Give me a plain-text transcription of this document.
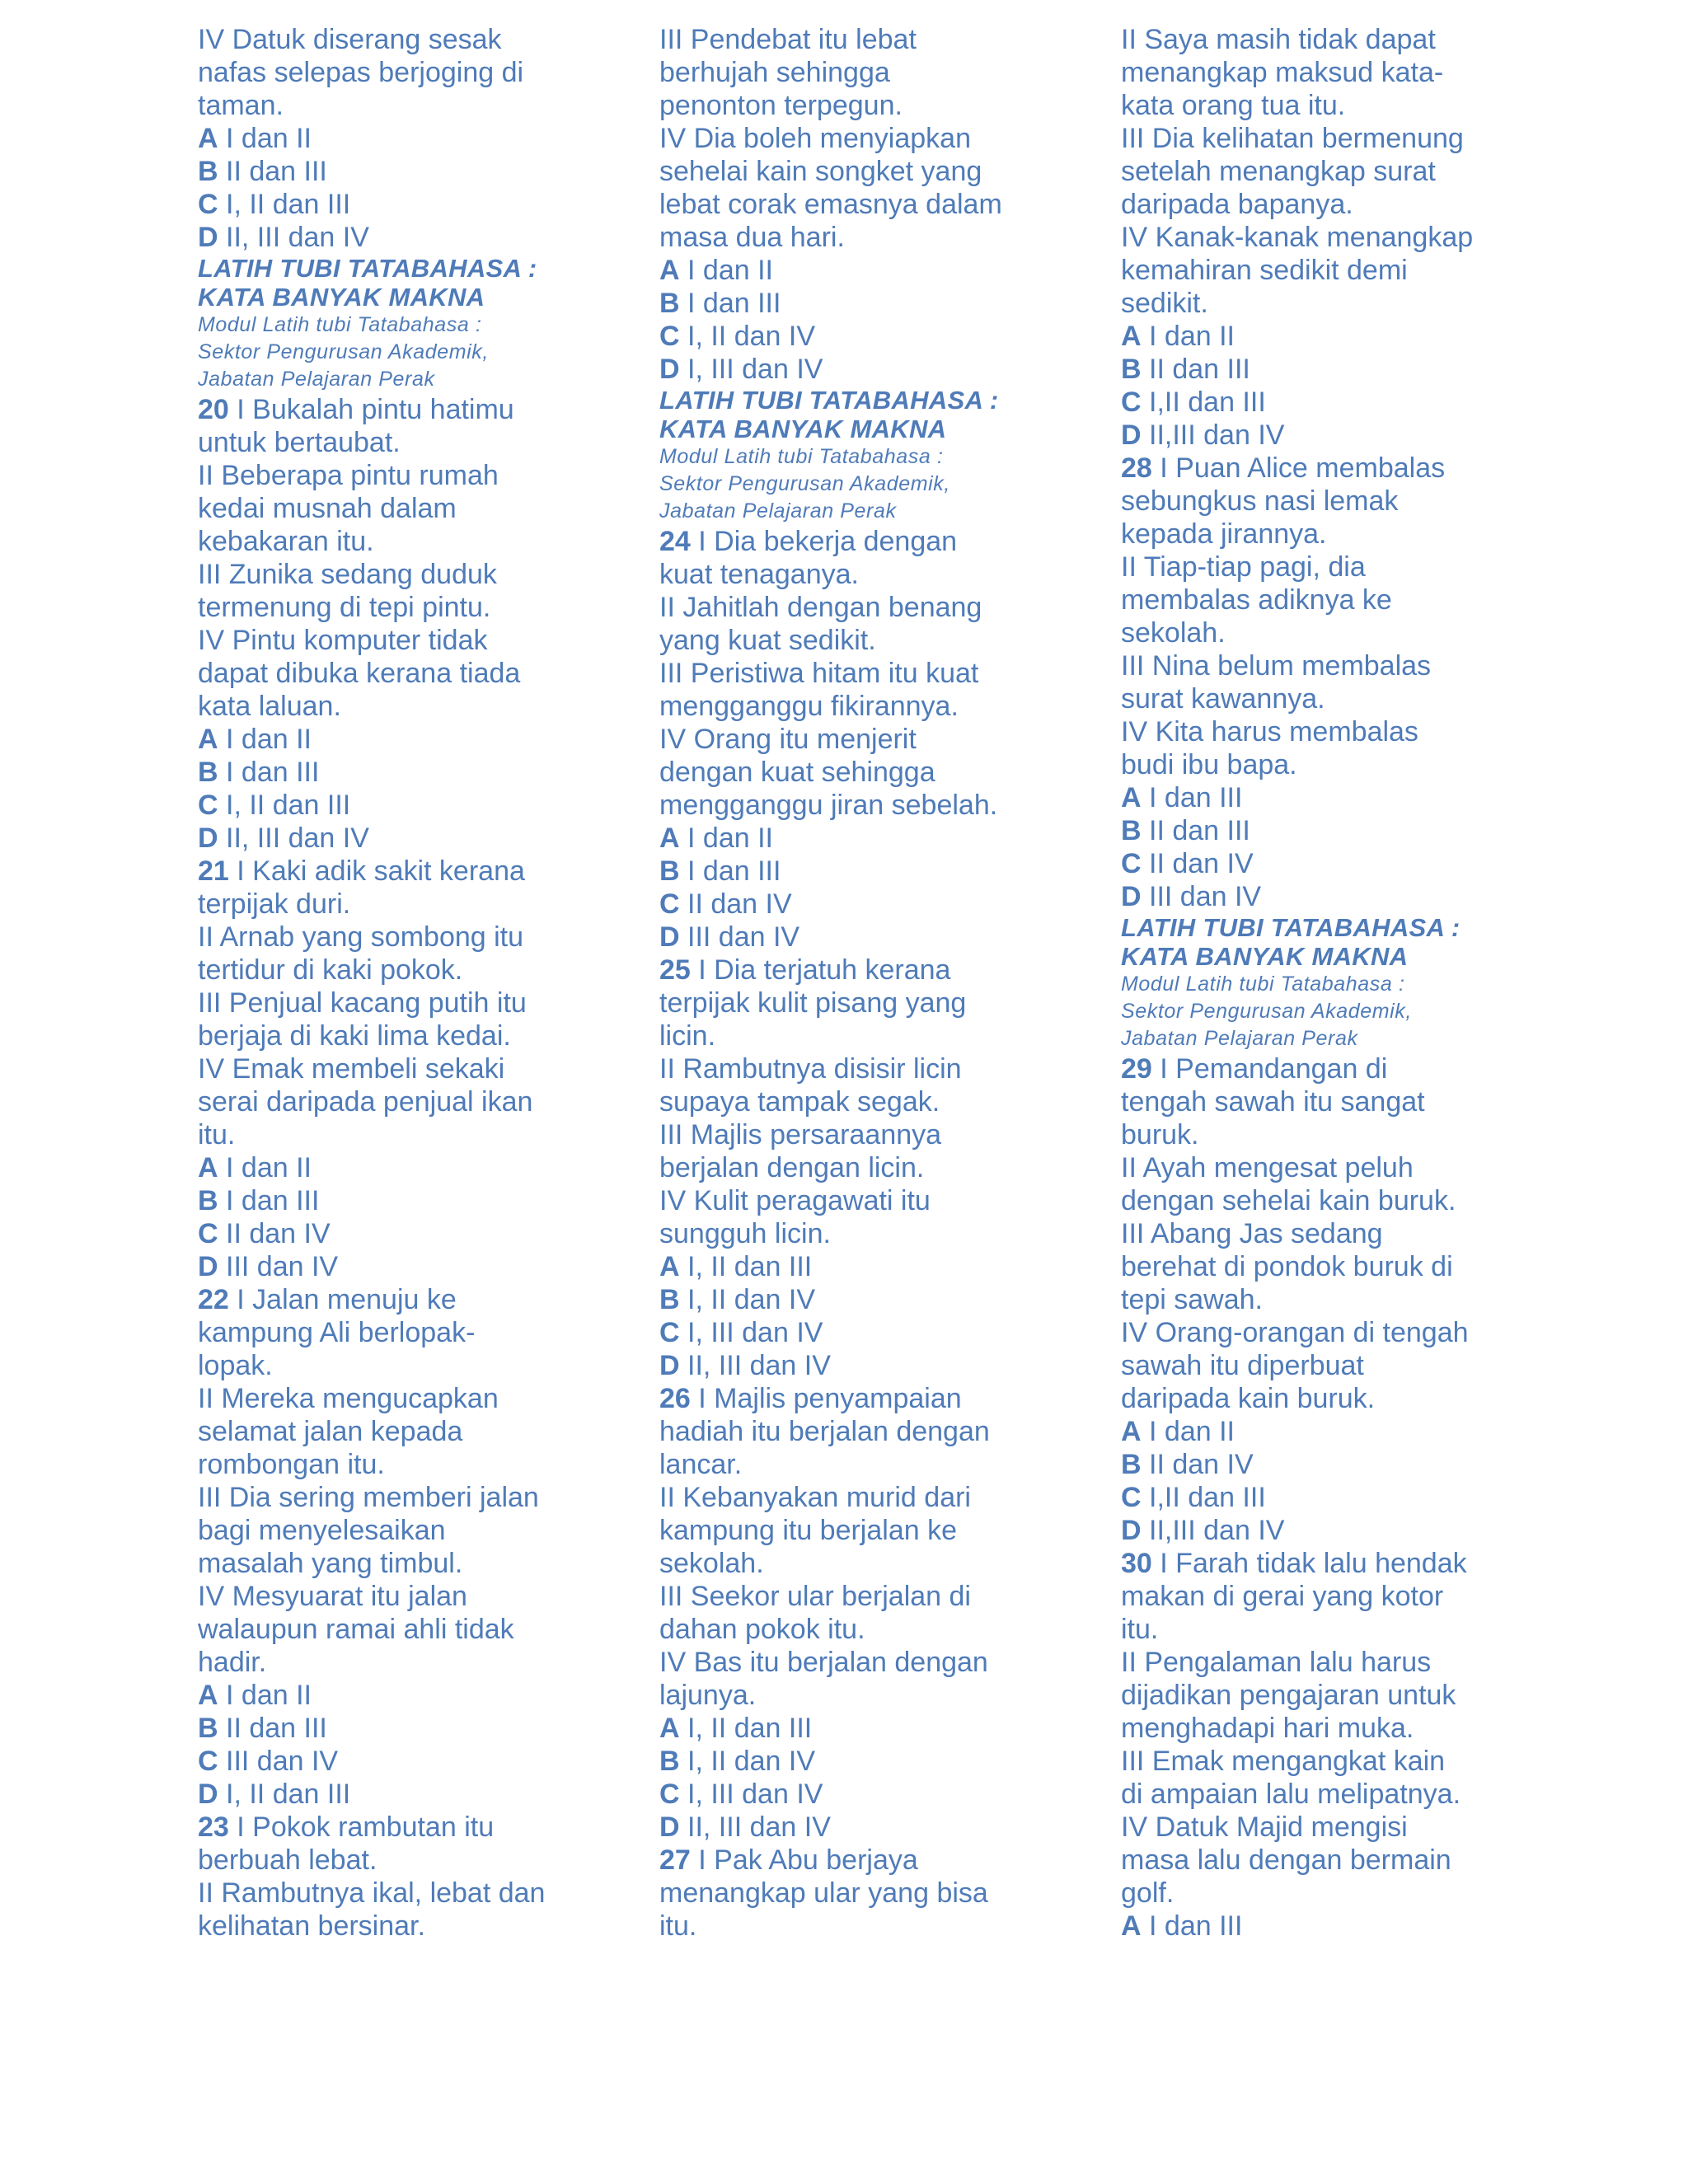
IV Datuk diserang sesak
nafas selepas berjoging di
taman.
A I dan II
B II dan III
C I, II dan III
D II, III dan IV
LATIH TUBI TATABAHASA :
KATA BANYAK MAKNA
Modul Latih tubi Tatabahasa :
Sektor Pengurusan Akademik,
Jabatan Pelajaran Perak
20 I Bukalah pintu hatimu
untuk bertaubat.
II Beberapa pintu rumah
kedai musnah dalam
kebakaran itu.
III Zunika sedang duduk
termenung di tepi pintu.
IV Pintu komputer tidak
dapat dibuka kerana tiada
kata laluan.
A I dan II
B I dan III
C I, II dan III
D II, III dan IV
21 I Kaki adik sakit kerana
terpijak duri.
II Arnab yang sombong itu
tertidur di kaki pokok.
III Penjual kacang putih itu
berjaja di kaki lima kedai.
IV Emak membeli sekaki
serai daripada penjual ikan
itu.
A I dan II
B I dan III
C II dan IV
D III dan IV
22 I Jalan menuju ke
kampung Ali berlopak-
lopak.
II Mereka mengucapkan
selamat jalan kepada
rombongan itu.
III Dia sering memberi jalan
bagi menyelesaikan
masalah yang timbul.
IV Mesyuarat itu jalan
walaupun ramai ahli tidak
hadir.
A I dan II
B II dan III
C III dan IV
D I, II dan III
23 I Pokok rambutan itu
berbuah lebat.
II Rambutnya ikal, lebat dan
kelihatan bersinar.
III Pendebat itu lebat
berhujah sehingga
penonton terpegun.
IV Dia boleh menyiapkan
sehelai kain songket yang
lebat corak emasnya dalam
masa dua hari.
A I dan II
B I dan III
C I, II dan IV
D I, III dan IV
LATIH TUBI TATABAHASA :
KATA BANYAK MAKNA
Modul Latih tubi Tatabahasa :
Sektor Pengurusan Akademik,
Jabatan Pelajaran Perak
24 I Dia bekerja dengan
kuat tenaganya.
II Jahitlah dengan benang
yang kuat sedikit.
III Peristiwa hitam itu kuat
mengganggu fikirannya.
IV Orang itu menjerit
dengan kuat sehingga
mengganggu jiran sebelah.
A I dan II
B I dan III
C II dan IV
D III dan IV
25 I Dia terjatuh kerana
terpijak kulit pisang yang
licin.
II Rambutnya disisir licin
supaya tampak segak.
III Majlis persaraannya
berjalan dengan licin.
IV Kulit peragawati itu
sungguh licin.
A I, II dan III
B I, II dan IV
C I, III dan IV
D II, III dan IV
26 I Majlis penyampaian
hadiah itu berjalan dengan
lancar.
II Kebanyakan murid dari
kampung itu berjalan ke
sekolah.
III Seekor ular berjalan di
dahan pokok itu.
IV Bas itu berjalan dengan
lajunya.
A I, II dan III
B I, II dan IV
C I, III dan IV
D II, III dan IV
27 I Pak Abu berjaya
menangkap ular yang bisa
itu.
II Saya masih tidak dapat
menangkap maksud kata-
kata orang tua itu.
III Dia kelihatan bermenung
setelah menangkap surat
daripada bapanya.
IV Kanak-kanak menangkap
kemahiran sedikit demi
sedikit.
A I dan II
B II dan III
C I,II dan III
D II,III dan IV
28 I Puan Alice membalas
sebungkus nasi lemak
kepada jirannya.
II Tiap-tiap pagi, dia
membalas adiknya ke
sekolah.
III Nina belum membalas
surat kawannya.
IV Kita harus membalas
budi ibu bapa.
A I dan III
B II dan III
C II dan IV
D III dan IV
LATIH TUBI TATABAHASA :
KATA BANYAK MAKNA
Modul Latih tubi Tatabahasa :
Sektor Pengurusan Akademik,
Jabatan Pelajaran Perak
29 I Pemandangan di
tengah sawah itu sangat
buruk.
II Ayah mengesat peluh
dengan sehelai kain buruk.
III Abang Jas sedang
berehat di pondok buruk di
tepi sawah.
IV Orang-orangan di tengah
sawah itu diperbuat
daripada kain buruk.
A I dan II
B II dan IV
C I,II dan III
D II,III dan IV
30 I Farah tidak lalu hendak
makan di gerai yang kotor
itu.
II Pengalaman lalu harus
dijadikan pengajaran untuk
menghadapi hari muka.
III Emak mengangkat kain
di ampaian lalu melipatnya.
IV Datuk Majid mengisi
masa lalu dengan bermain
golf.
A I dan III
